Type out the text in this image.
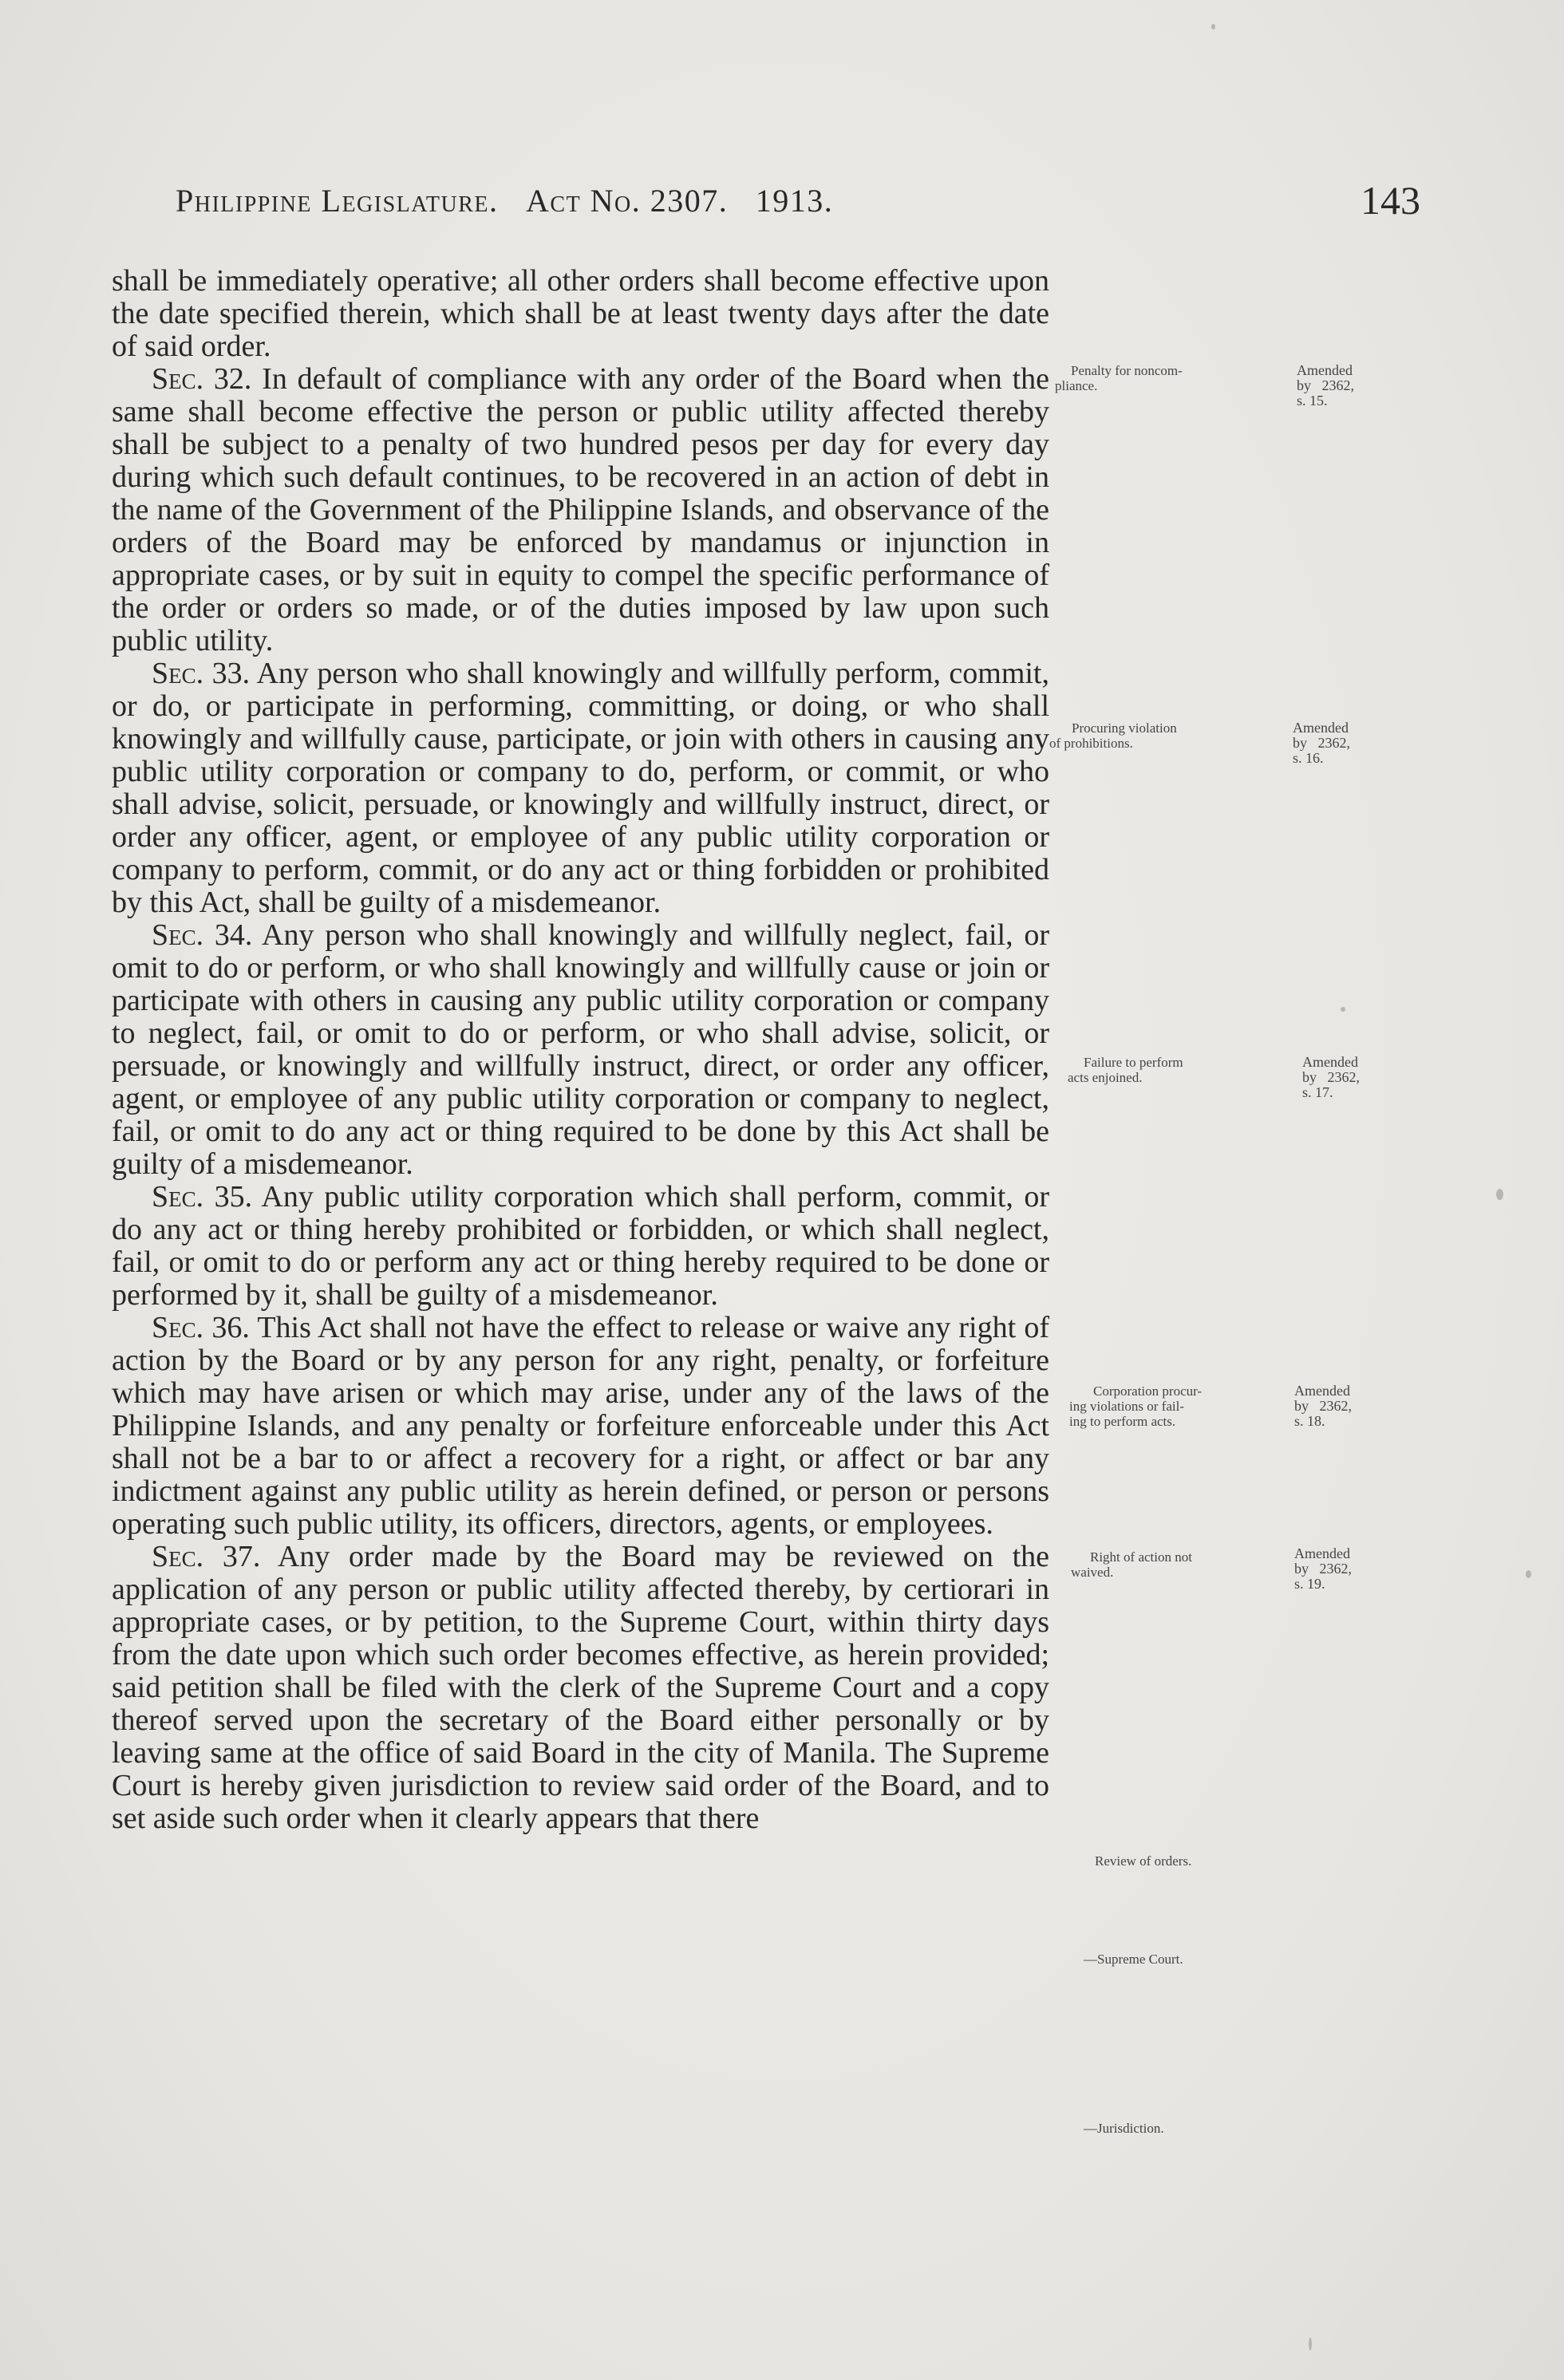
Philippine Legislature. Act No. 2307. 1913.	143

shall be immediately operative; all other orders shall become effective upon the date specified therein, which shall be at least twenty days after the date of said order.

Sec. 32. In default of compliance with any order of the Board when the same shall become effective the person or public utility affected thereby shall be subject to a penalty of two hundred pesos per day for every day during which such default continues, to be recovered in an action of debt in the name of the Government of the Philippine Islands, and observance of the orders of the Board may be enforced by mandamus or injunction in appropriate cases, or by suit in equity to compel the specific performance of the order or orders so made, or of the duties imposed by law upon such public utility.

Sec. 33. Any person who shall knowingly and willfully perform, commit, or do, or participate in performing, committing, or doing, or who shall knowingly and willfully cause, participate, or join with others in causing any public utility corporation or company to do, perform, or commit, or who shall advise, solicit, persuade, or knowingly and willfully instruct, direct, or order any officer, agent, or employee of any public utility corporation or company to perform, commit, or do any act or thing forbidden or prohibited by this Act, shall be guilty of a misdemeanor.

Sec. 34. Any person who shall knowingly and willfully neglect, fail, or omit to do or perform, or who shall knowingly and willfully cause or join or participate with others in causing any public utility corporation or company to neglect, fail, or omit to do or perform, or who shall advise, solicit, or persuade, or knowingly and willfully instruct, direct, or order any officer, agent, or employee of any public utility corporation or company to neglect, fail, or omit to do any act or thing required to be done by this Act shall be guilty of a misdemeanor.

Sec. 35. Any public utility corporation which shall perform, commit, or do any act or thing hereby prohibited or forbidden, or which shall neglect, fail, or omit to do or perform any act or thing hereby required to be done or performed by it, shall be guilty of a misdemeanor.

Sec. 36. This Act shall not have the effect to release or waive any right of action by the Board or by any person for any right, penalty, or forfeiture which may have arisen or which may arise, under any of the laws of the Philippine Islands, and any penalty or forfeiture enforceable under this Act shall not be a bar to or affect a recovery for a right, or affect or bar any indictment against any public utility as herein defined, or person or persons operating such public utility, its officers, directors, agents, or employees.

Sec. 37. Any order made by the Board may be reviewed on the application of any person or public utility affected thereby, by certiorari in appropriate cases, or by petition, to the Supreme Court, within thirty days from the date upon which such order becomes effective, as herein provided; said petition shall be filed with the clerk of the Supreme Court and a copy thereof served upon the secretary of the Board either personally or by leaving same at the office of said Board in the city of Manila. The Supreme Court is hereby given jurisdiction to review said order of the Board, and to set aside such order when it clearly appears that there

Penalty for noncom-
pliance.
Amended
by   2362,
s. 15.
Procuring violation
of prohibitions.
Amended
by   2362,
s. 16.
Failure to perform
acts enjoined.
Amended
by   2362,
s. 17.
Corporation procur-
ing violations or fail-
ing to perform acts.
Amended
by   2362,
s. 18.
Right of action not
waived.
Amended
by   2362,
s. 19.
Review of orders.
—Supreme Court.
—Jurisdiction.
